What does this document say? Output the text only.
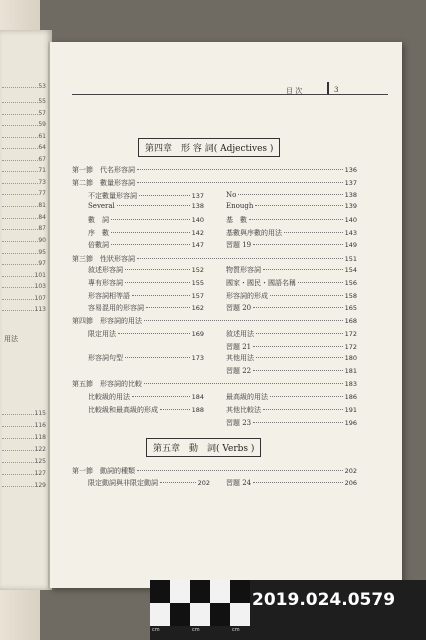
53
55
57
59
61
64
67
71
73
77
81
84
87
90
95
97
101
103
107
113
115
116
118
122
125
127
129
用法
目 次	3
第四章　形 容 詞( Adjectives )
第五章　動　詞( Verbs )
第一節　代名形容詞	136
第二節　數量形容詞	137
不定數量形容詞	137
Several	138
數　詞	140
序　數	142
倍數詞	147
第三節　性狀形容詞	151
敘述形容詞	152
專有形容詞	155
形容詞相等語	157
容易混用的形容詞	162
第四節　形容詞的用法	168
限定用法	169
形容詞句型	173
第五節　形容詞的比較	183
比較級的用法	184
比較級和最高級的形成	188
No	138
Enough	139
基　數	140
基數與序數的用法	143
習題 19	149
物質形容詞	154
國家・國民・國語名稱	156
形容詞的形成	158
習題 20	165
敘述用法	172
習題 21	172
其他用法	180
習題 22	181
最高級的用法	186
其他比較法	191
習題 23	196
第一節　動詞的種類	202
限定動詞與非限定動詞	202 習題 24	206
cm	cm	cm
2019.024.0579
